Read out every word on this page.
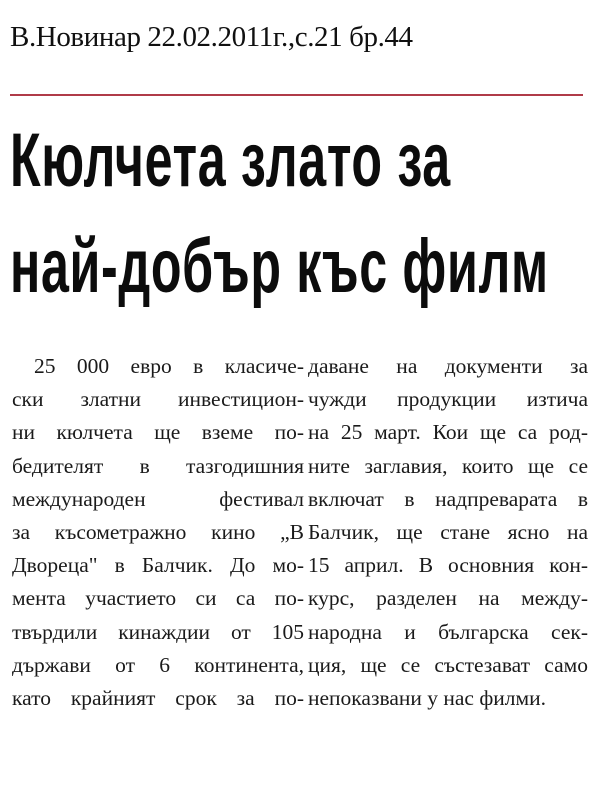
В.Новинар 22.02.2011г.,с.21 бр.44
Кюлчета злато за
най-добър къс филм
25 000 евро в класиче-
ски златни инвестицион-
ни кюлчета ще вземе по-
бедителят в тазгодишния
международен фестивал
за късометражно кино „В
Двореца" в Балчик. До мо-
мента участието си са по-
твърдили кинаждии от 105
държави от 6 континента,
като крайният срок за по-
даване на документи за
чужди продукции изтича
на 25 март. Кои ще са род-
ните заглавия, които ще се
включат в надпреварата в
Балчик, ще стане ясно на
15 април. В основния кон-
курс, разделен на между-
народна и българска сек-
ция, ще се състезават само
непоказвани у нас филми.
